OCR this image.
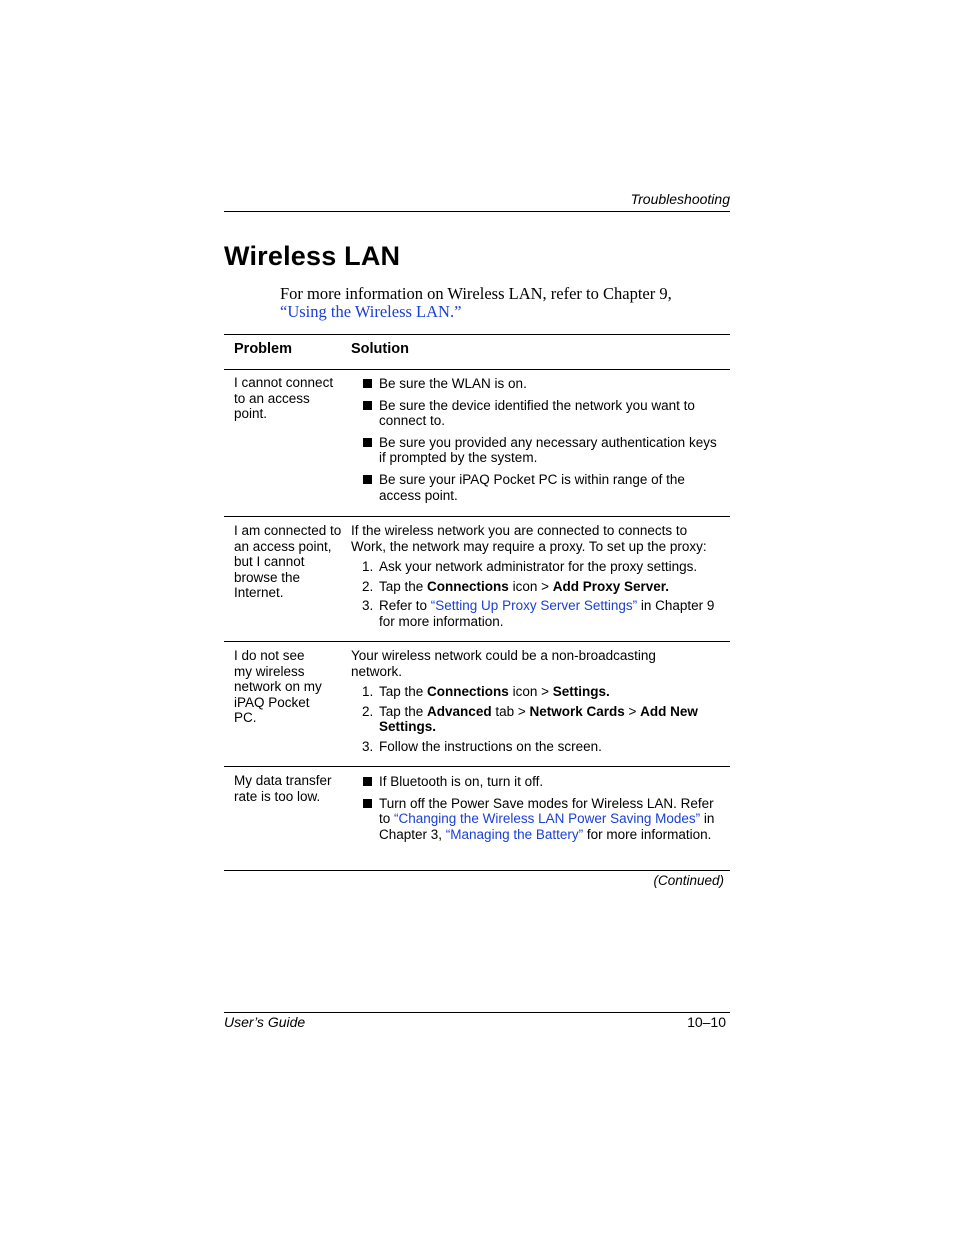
Troubleshooting
Wireless LAN
For more information on Wireless LAN, refer to Chapter 9,
“Using the Wireless LAN.”
Problem	Solution
I cannot connect to an access point.
Be sure the WLAN is on.
Be sure the device identified the network you want to connect to.
Be sure you provided any necessary authentication keys if prompted by the system.
Be sure your iPAQ Pocket PC is within range of the access point.
I am connected to an access point, but I cannot browse the Internet.
If the wireless network you are connected to connects to Work, the network may require a proxy. To set up the proxy:
1. Ask your network administrator for the proxy settings.
2. Tap the Connections icon > Add Proxy Server.
3. Refer to “Setting Up Proxy Server Settings” in Chapter 9 for more information.
I do not see my wireless network on my iPAQ Pocket PC.
Your wireless network could be a non-broadcasting network.
1. Tap the Connections icon > Settings.
2. Tap the Advanced tab > Network Cards > Add New Settings.
3. Follow the instructions on the screen.
My data transfer rate is too low.
If Bluetooth is on, turn it off.
Turn off the Power Save modes for Wireless LAN. Refer to “Changing the Wireless LAN Power Saving Modes” in Chapter 3, “Managing the Battery” for more information.
(Continued)
User’s Guide	10–10
